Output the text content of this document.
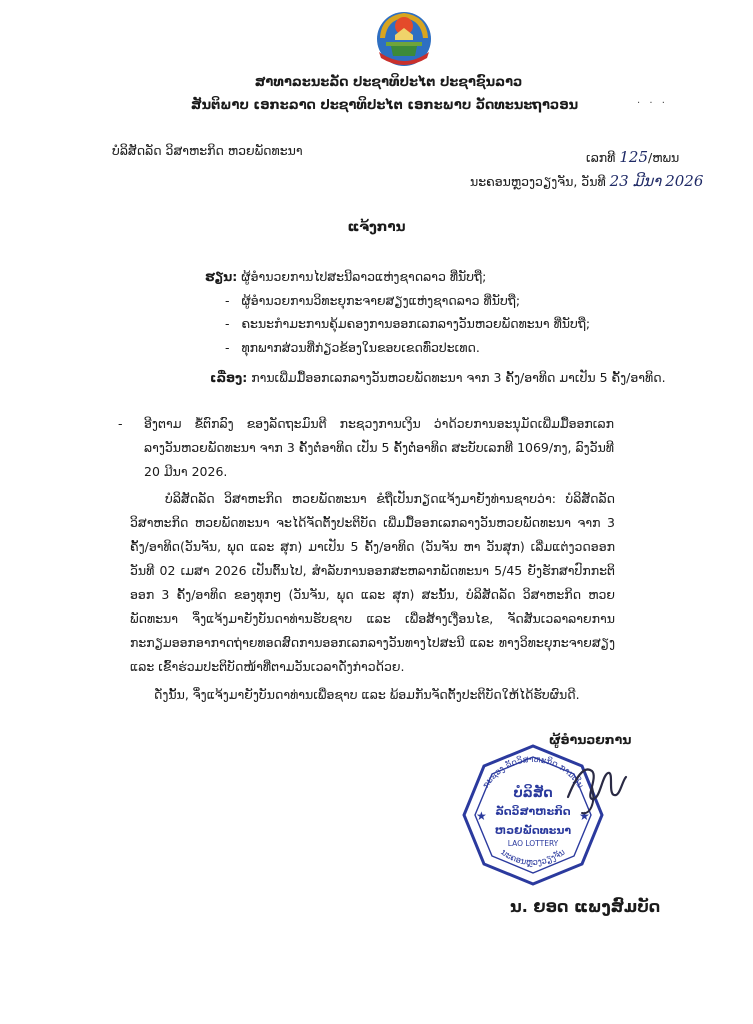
ສາທາລະນະລັດ ປະຊາທິປະໄຕ ປະຊາຊົນລາວ
ສັນຕິພາບ ເອກະລາດ ປະຊາທິປະໄຕ ເອກະພາບ ວັດທະນະຖາວອນ	· · ·
ບໍລິສັດລັດ ວິສາຫະກິດ ຫວຍພັດທະນາ	ເລກທີ 125/ຫພນ
ນະຄອນຫຼວງວຽງຈັນ, ວັນທີ 23 ມີນາ 2026
ແຈ້ງການ
ຮຽນ: ຜູ້ອຳນວຍການໄປສະນີລາວແຫ່ງຊາດລາວ ທີ່ນັບຖື;
-   ຜູ້ອຳນວຍການວິທະຍຸກະຈາຍສຽງແຫ່ງຊາດລາວ ທີ່ນັບຖື;
-   ຄະນະກຳມະການຄຸ້ມຄອງການອອກເລກລາງວັນຫວຍພັດທະນາ ທີ່ນັບຖື;
-   ທຸກພາກສ່ວນທີ່ກ່ຽວຂ້ອງໃນຂອບເຂດທົ່ວປະເທດ.
ເລື່ອງ: ການເພີ່ມມື້ອອກເລກລາງວັນຫວຍພັດທະນາ ຈາກ 3 ຄັ້ງ/ອາທິດ ມາເປັນ 5 ຄັ້ງ/ອາທິດ.
- ອີງຕາມ ຂໍ້ຕົກລົງ ຂອງລັດຖະມົນຕີ ກະຊວງການເງິນ ວ່າດ້ວຍການອະນຸມັດເພີ່ມມື້ອອກເລກລາງວັນຫວຍພັດທະນາ ຈາກ 3 ຄັ້ງຕໍ່ອາທິດ ເປັນ 5 ຄັ້ງຕໍ່ອາທິດ ສະບັບເລກທີ 1069/ກງ, ລົງວັນທີ 20 ມີນາ 2026.
ບໍລິສັດລັດ ວິສາຫະກິດ ຫວຍພັດທະນາ ຂໍຖືເປັນກຽດແຈ້ງມາຍັງທ່ານຊາບວ່າ: ບໍລິສັດລັດ ວິສາຫະກິດ ຫວຍພັດທະນາ ຈະໄດ້ຈັດຕັ້ງປະຕິບັດ ເພີ່ມມື້ອອກເລກລາງວັນຫວຍພັດທະນາ ຈາກ 3 ຄັ້ງ/ອາທິດ(ວັນຈັນ, ພຸດ ແລະ ສຸກ) ມາເປັນ 5 ຄັ້ງ/ອາທິດ (ວັນຈັນ ຫາ ວັນສຸກ) ເລີ່ມແຕ່ງວດອອກວັນທີ 02 ເມສາ 2026 ເປັນຕົ້ນໄປ, ສໍາລັບການອອກສະຫລາກພັດທະນາ 5/45 ຍັງຮັກສາປົກກະຕິ ອອກ 3 ຄັ້ງ/ອາທິດ ຂອງທຸກໆ (ວັນຈັນ, ພຸດ ແລະ ສຸກ) ສະນັ້ນ, ບໍລິສັດລັດ ວິສາຫະກິດ ຫວຍພັດທະນາ ຈຶ່ງແຈ້ງມາຍັງບັນດາທ່ານຮັບຊາບ ແລະ ເພື່ອສ້າງເງື່ອນໄຂ, ຈັດສັນເວລາລາຍການ ກະກຽມອອກອາກາດຖ່າຍທອດສົດການອອກເລກລາງວັນທາງໄປສະນີ ແລະ ທາງວິທະຍຸກະຈາຍສຽງ ແລະ ເຂົ້າຮ່ວມປະຕິບັດໜ້າທີ່ຕາມວັນເວລາດັ່ງກ່າວດ້ວຍ.
ດັ່ງນັ້ນ, ຈຶ່ງແຈ້ງມາຍັງບັນດາທ່ານເພື່ອຊາບ ແລະ ພ້ອມກັນຈັດຕັ້ງປະຕິບັດໃຫ້ໄດ້ຮັບຜົນດີ.
ຜູ້ອຳນວຍການ
ກະຊວງ ລັດວິສາຫະກິດ ການເງິນ
ນະຄອນຫຼວງວຽງຈັນ
★	★
ບໍລິສັດ
ລັດວິສາຫະກິດ
ຫວຍພັດທະນາ
LAO LOTTERY
ນ. ຍອດ ແພງສົມບັດ
